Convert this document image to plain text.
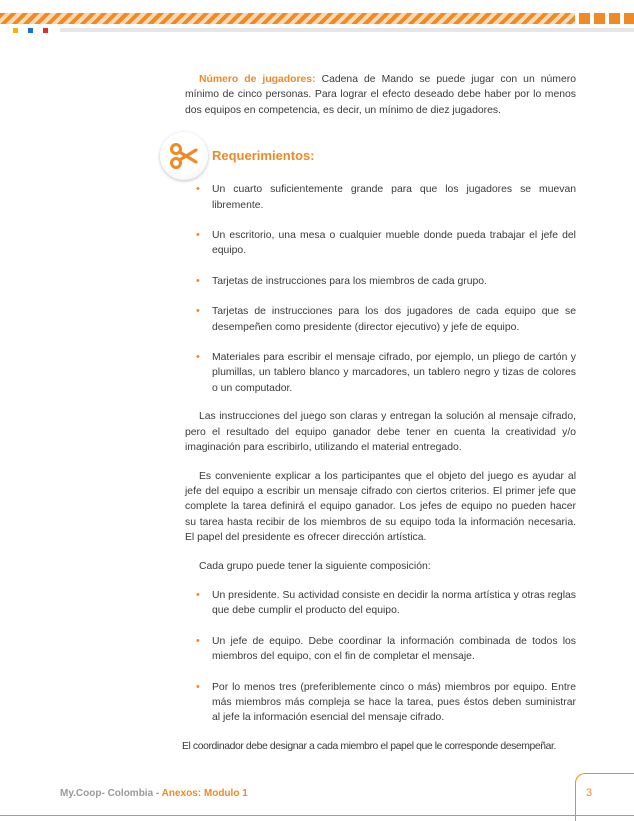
Número de jugadores: Cadena de Mando se puede jugar con un número mínimo de cinco personas. Para lograr el efecto deseado debe haber por lo menos dos equipos en competencia, es decir, un mínimo de diez jugadores.

Requerimientos:
• Un cuarto suficientemente grande para que los jugadores se muevan libremente.
• Un escritorio, una mesa o cualquier mueble donde pueda trabajar el jefe del equipo.
• Tarjetas de instrucciones para los miembros de cada grupo.
• Tarjetas de instrucciones para los dos jugadores de cada equipo que se desempeñen como presidente (director ejecutivo) y jefe de equipo.
• Materiales para escribir el mensaje cifrado, por ejemplo, un pliego de cartón y plumillas, un tablero blanco y marcadores, un tablero negro y tizas de colores o un computador.

Las instrucciones del juego son claras y entregan la solución al mensaje cifrado, pero el resultado del equipo ganador debe tener en cuenta la creatividad y/o imaginación para escribirlo, utilizando el material entregado.

Es conveniente explicar a los participantes que el objeto del juego es ayudar al jefe del equipo a escribir un mensaje cifrado con ciertos criterios. El primer jefe que complete la tarea definirá el equipo ganador. Los jefes de equipo no pueden hacer su tarea hasta recibir de los miembros de su equipo toda la información necesaria. El papel del presidente es ofrecer dirección artística.

Cada grupo puede tener la siguiente composición:

• Un presidente. Su actividad consiste en decidir la norma artística y otras reglas que debe cumplir el producto del equipo.
• Un jefe de equipo. Debe coordinar la información combinada de todos los miembros del equipo, con el fin de completar el mensaje.
• Por lo menos tres (preferiblemente cinco o más) miembros por equipo. Entre más miembros más compleja se hace la tarea, pues éstos deben suministrar al jefe la información esencial del mensaje cifrado.

El coordinador debe designar a cada miembro el papel que le corresponde desempeñar.

My.Coop- Colombia - Anexos: Modulo 1	3
